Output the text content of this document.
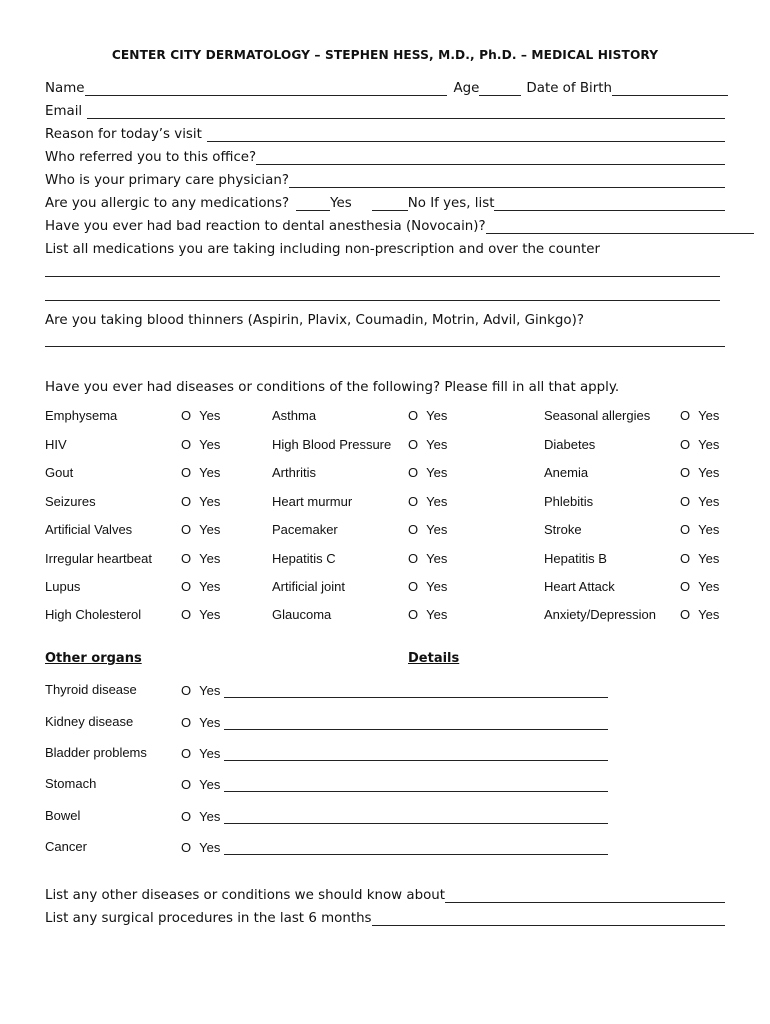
CENTER CITY DERMATOLOGY – STEPHEN HESS, M.D., Ph.D. – MEDICAL HISTORY
Name	Age	Date of Birth
Email
Reason for today’s visit
Who referred you to this office?
Who is your primary care physician?
Are you allergic to any medications?	Yes	No If yes, list
Have you ever had bad reaction to dental anesthesia (Novocain)?
List all medications you are taking including non-prescription and over the counter
Are you taking blood thinners (Aspirin, Plavix, Coumadin, Motrin, Advil, Ginkgo)?
Have you ever had diseases or conditions of the following? Please fill in all that apply.
Emphysema	O Yes	Asthma	O Yes	Seasonal allergies O Yes
HIV	O Yes	High Blood Pressure O Yes	Diabetes	O Yes
Gout	O Yes	Arthritis	O Yes	Anemia	O Yes
Seizures	O Yes	Heart murmur	O Yes	Phlebitis	O Yes
Artificial Valves	O Yes	Pacemaker	O Yes	Stroke	O Yes
Irregular heartbeat O Yes	Hepatitis C	O Yes	Hepatitis B	O Yes
Lupus	O Yes	Artificial joint	O Yes	Heart Attack	O Yes
High Cholesterol	O Yes	Glaucoma	O Yes	Anxiety/Depression O Yes
Other organs	Details
Thyroid disease	O Yes
Kidney disease	O Yes
Bladder problems	O Yes
Stomach	O Yes
Bowel	O Yes
Cancer	O Yes
List any other diseases or conditions we should know about
List any surgical procedures in the last 6 months
